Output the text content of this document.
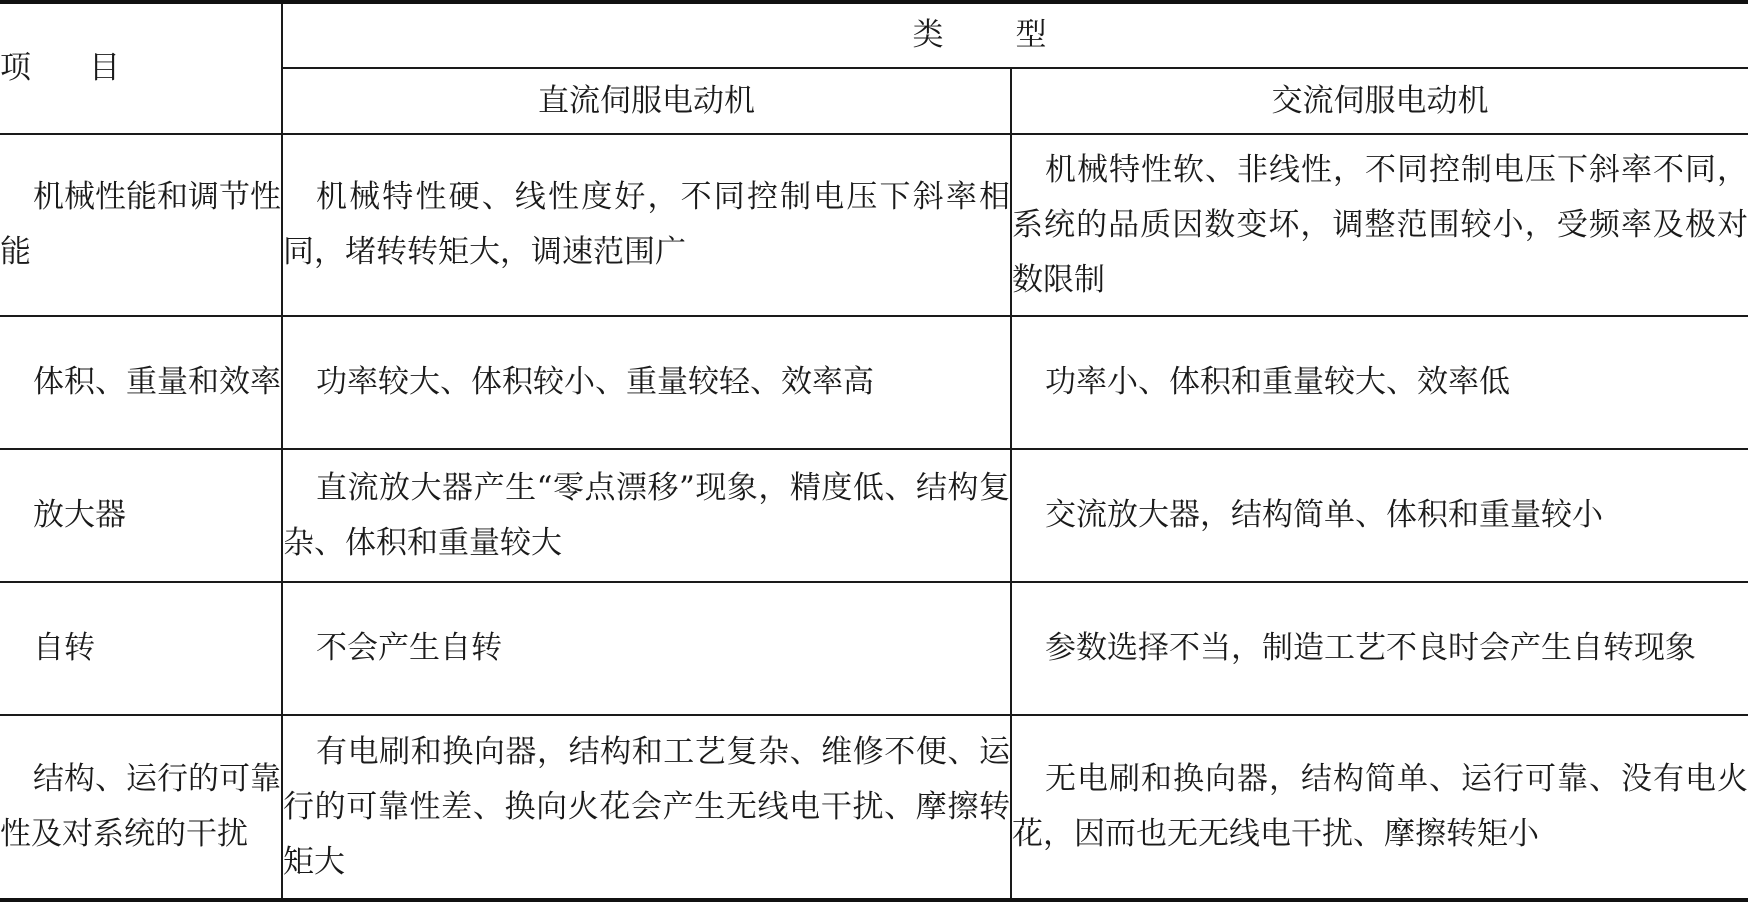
项目	类型	
	直流伺服电动机	交流伺服电动机
机械性能和调节性能	机械特性硬、线性度好，不同控制电压下斜率相同，堵转转矩大，调速范围广	机械特性软、非线性，不同控制电压下斜率不同，系统的品质因数变坏，调整范围较小，受频率及极对数限制
体积、重量和效率	功率较大、体积较小、重量较轻、效率高	功率小、体积和重量较大、效率低
放大器	直流放大器产生“零点漂移”现象，精度低、结构复杂、体积和重量较大	交流放大器，结构简单、体积和重量较小
自转	不会产生自转	参数选择不当，制造工艺不良时会产生自转现象
结构、运行的可靠性及对系统的干扰	有电刷和换向器，结构和工艺复杂、维修不便、运行的可靠性差、换向火花会产生无线电干扰、摩擦转矩大	无电刷和换向器，结构简单、运行可靠、没有电火花，因而也无无线电干扰、摩擦转矩小
